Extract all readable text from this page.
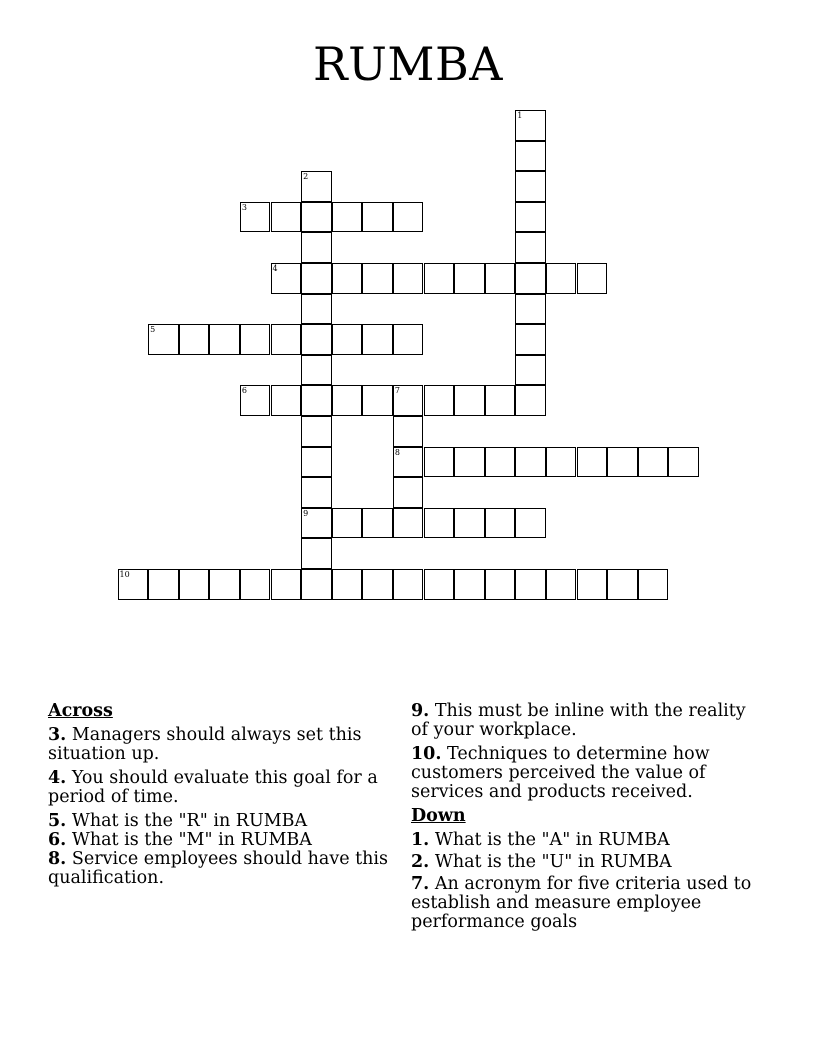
RUMBA
1
2
9
3
4
5
6	7
8
10
Across
3. Managers should always set this situation up.
4. You should evaluate this goal for a period of time.
5. What is the "R" in RUMBA
6. What is the "M" in RUMBA
8. Service employees should have this qualification.
9. This must be inline with the reality of your workplace.
10. Techniques to determine how customers perceived the value of services and products received.
Down
1. What is the "A" in RUMBA
2. What is the "U" in RUMBA
7. An acronym for five criteria used to establish and measure employee performance goals
